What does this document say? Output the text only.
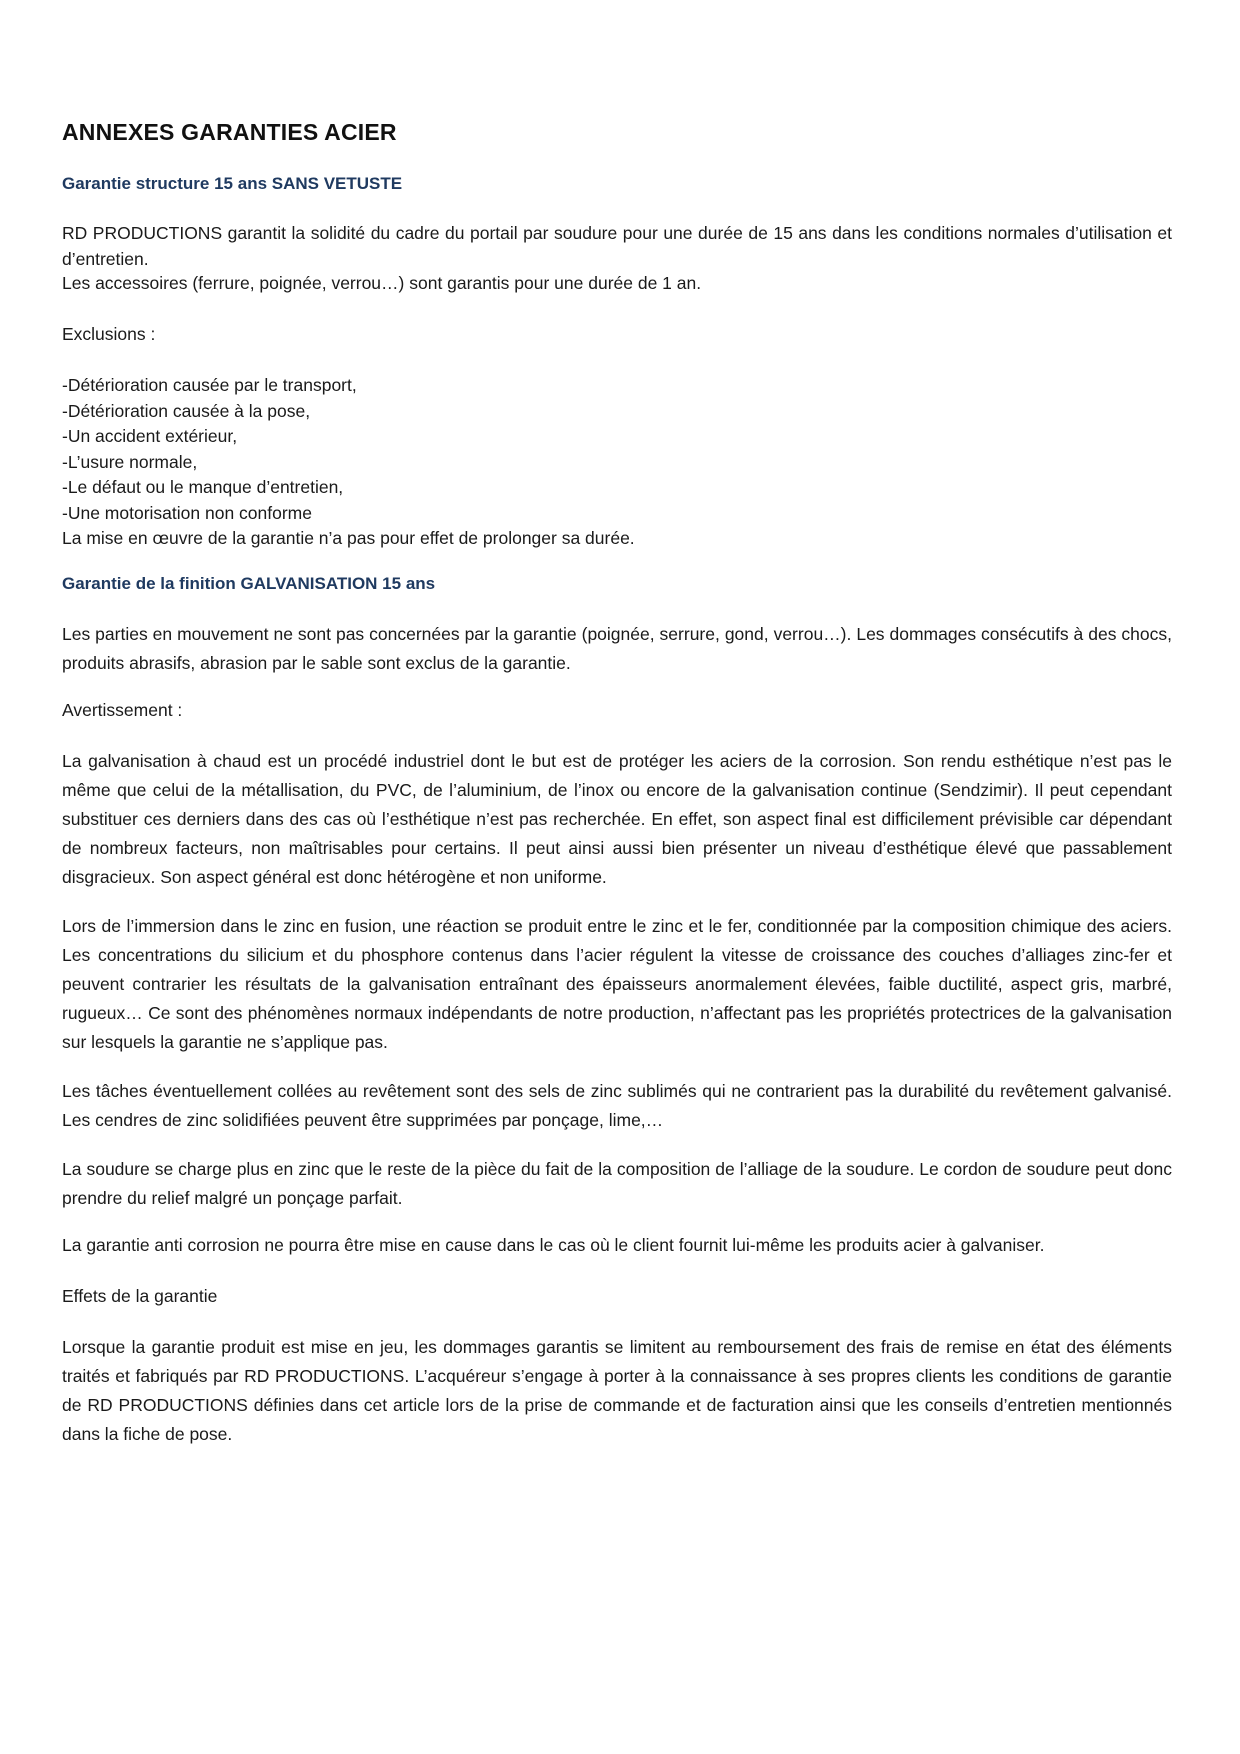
ANNEXES GARANTIES ACIER
Garantie structure 15 ans SANS VETUSTE

RD PRODUCTIONS garantit la solidité du cadre du portail par soudure pour une durée de 15 ans dans les conditions normales d’utilisation et d’entretien.

Les accessoires (ferrure, poignée, verrou…) sont garantis pour une durée de 1 an.

Exclusions :

-Détérioration causée par le transport,
-Détérioration causée à la pose,
-Un accident extérieur,
-L’usure normale,
-Le défaut ou le manque d’entretien,
-Une motorisation non conforme
La mise en œuvre de la garantie n’a pas pour effet de prolonger sa durée.
Garantie de la finition GALVANISATION 15 ans

Les parties en mouvement ne sont pas concernées par la garantie (poignée, serrure, gond, verrou…). Les dommages consécutifs à des chocs, produits abrasifs, abrasion par le sable sont exclus de la garantie.

Avertissement :

La galvanisation à chaud est un procédé industriel dont le but est de protéger les aciers de la corrosion. Son rendu esthétique n’est pas le même que celui de la métallisation, du PVC, de l’aluminium, de l’inox ou encore de la galvanisation continue (Sendzimir). Il peut cependant substituer ces derniers dans des cas où l’esthétique n’est pas recherchée. En effet, son aspect final est difficilement prévisible car dépendant de nombreux facteurs, non maîtrisables pour certains. Il peut ainsi aussi bien présenter un niveau d’esthétique élevé que passablement disgracieux. Son aspect général est donc hétérogène et non uniforme.

Lors de l’immersion dans le zinc en fusion, une réaction se produit entre le zinc et le fer, conditionnée par la composition chimique des aciers. Les concentrations du silicium et du phosphore contenus dans l’acier régulent la vitesse de croissance des couches d’alliages zinc-fer et peuvent contrarier les résultats de la galvanisation entraînant des épaisseurs anormalement élevées, faible ductilité, aspect gris, marbré, rugueux… Ce sont des phénomènes normaux indépendants de notre production, n’affectant pas les propriétés protectrices de la galvanisation sur lesquels la garantie ne s’applique pas.

Les tâches éventuellement collées au revêtement sont des sels de zinc sublimés qui ne contrarient pas la durabilité du revêtement galvanisé. Les cendres de zinc solidifiées peuvent être supprimées par ponçage, lime,…

La soudure se charge plus en zinc que le reste de la pièce du fait de la composition de l’alliage de la soudure. Le cordon de soudure peut donc prendre du relief malgré un ponçage parfait.

La garantie anti corrosion ne pourra être mise en cause dans le cas où le client fournit lui-même les produits acier à galvaniser.

Effets de la garantie

Lorsque la garantie produit est mise en jeu, les dommages garantis se limitent au remboursement des frais de remise en état des éléments traités et fabriqués par RD PRODUCTIONS. L’acquéreur s’engage à porter à la connaissance à ses propres clients les conditions de garantie de RD PRODUCTIONS définies dans cet article lors de la prise de commande et de facturation ainsi que les conseils d’entretien mentionnés dans la fiche de pose.
